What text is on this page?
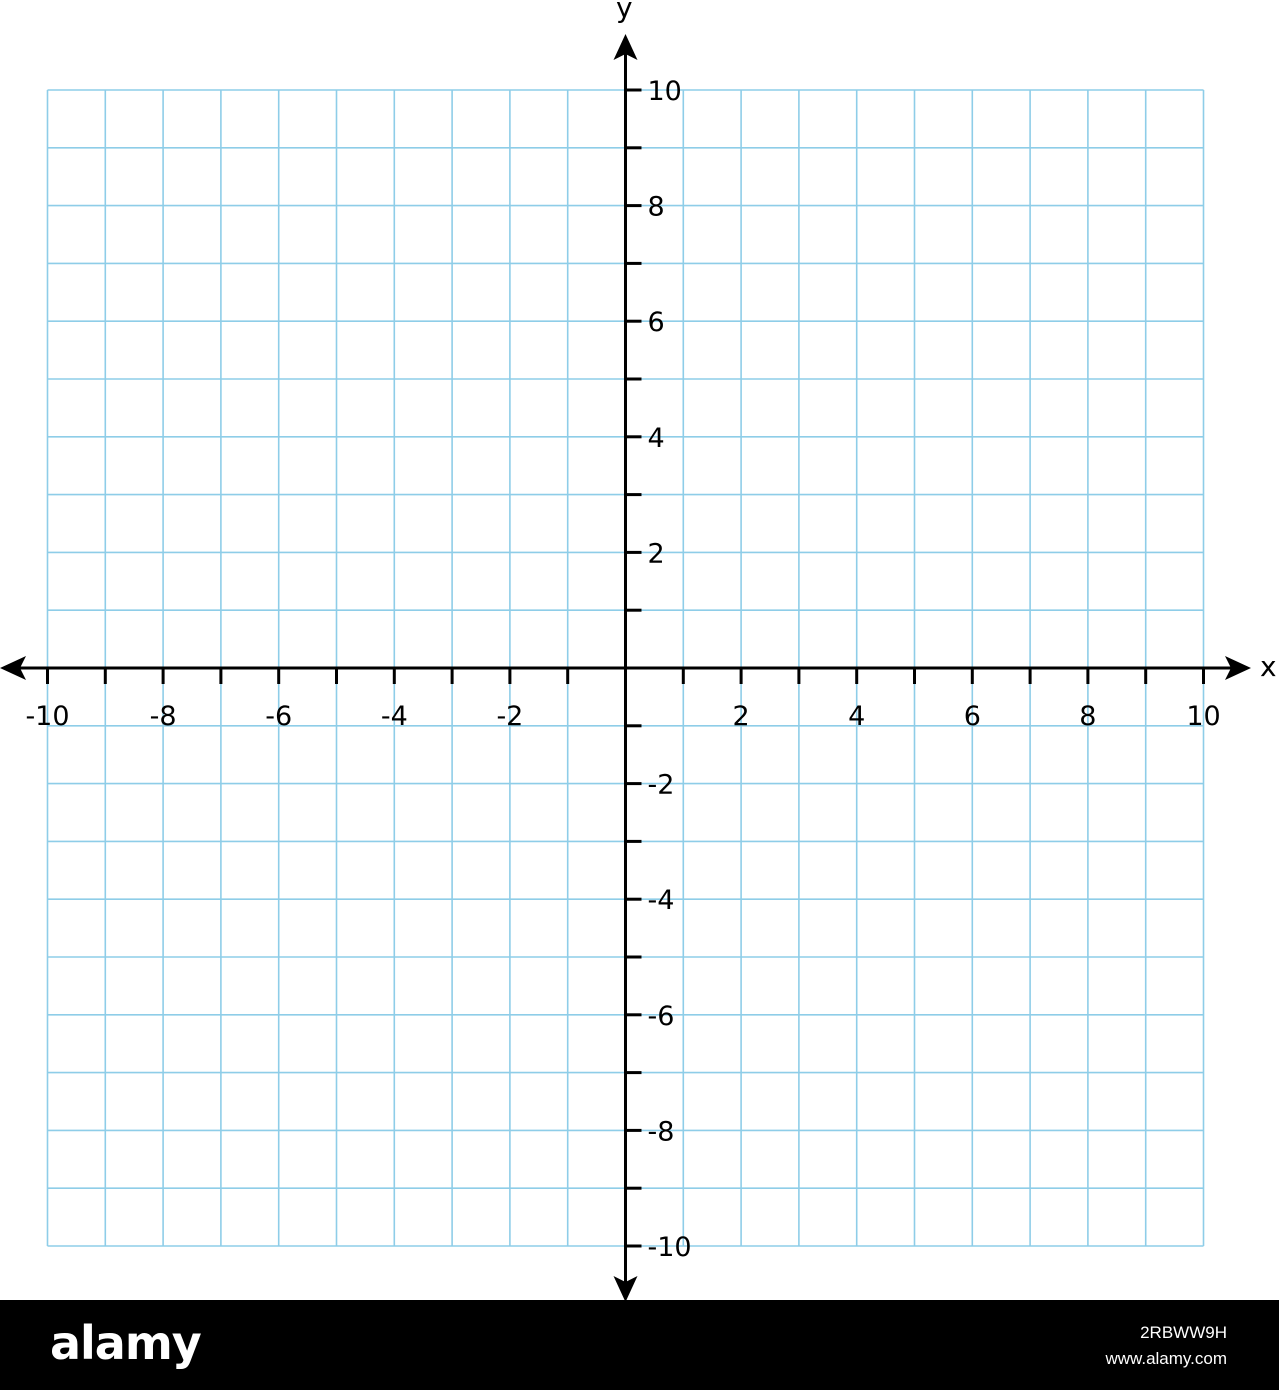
-10	-8	-6	-4	-2	2	4	6	8	10
10
8
6
4
2
-2
-4
-6
-8
-10
x
y
alamy	2RBWW9H
www.alamy.com
